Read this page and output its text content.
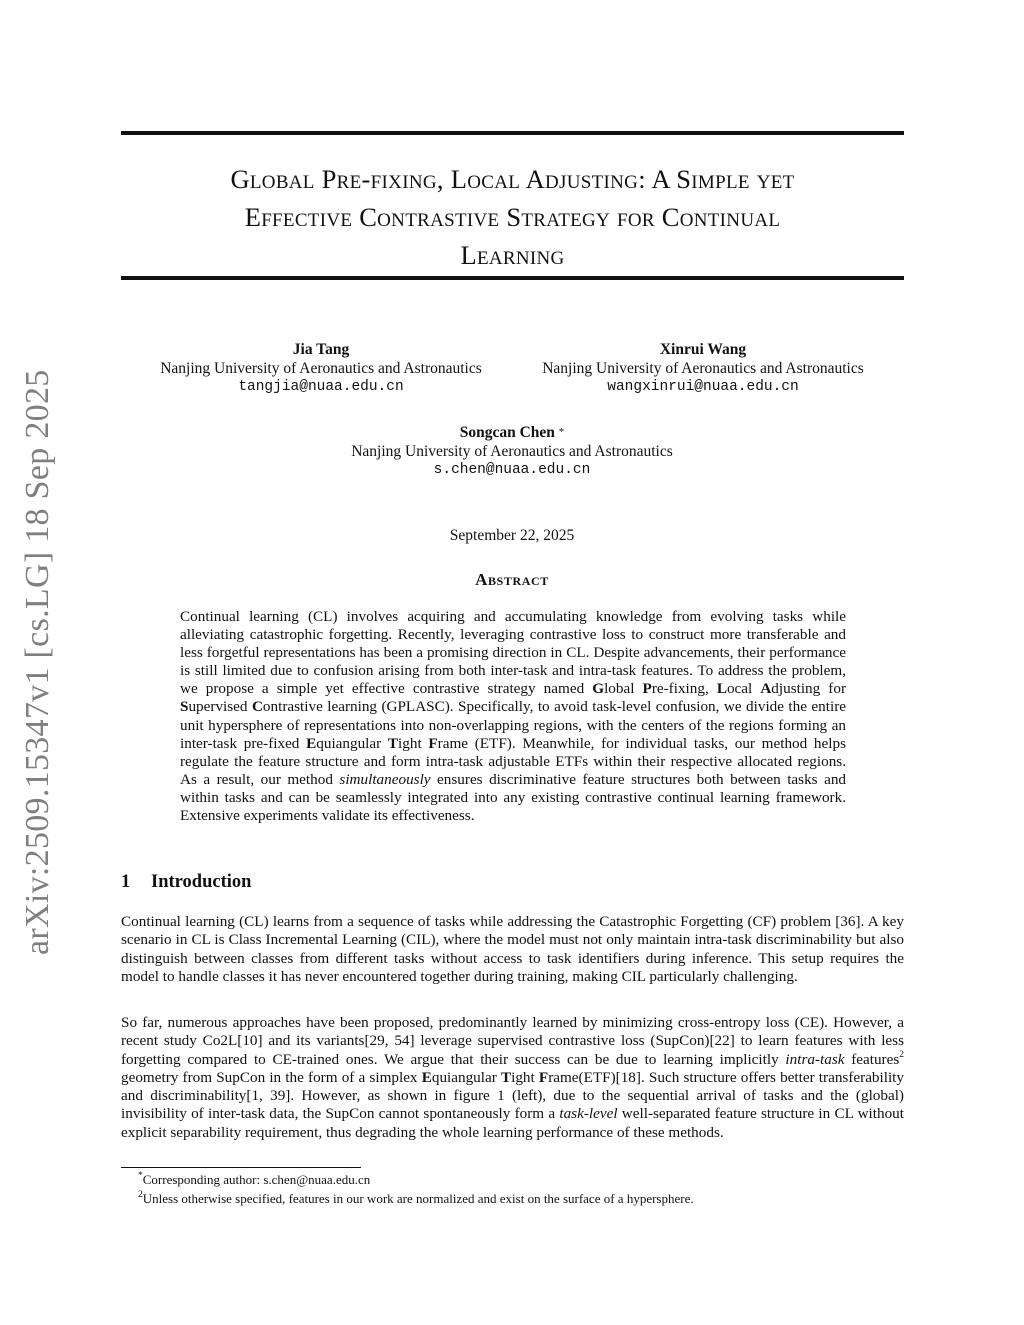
arXiv:2509.15347v1 [cs.LG] 18 Sep 2025
Global Pre-fixing, Local Adjusting: A Simple yet
Effective Contrastive Strategy for Continual
Learning
Jia Tang
Nanjing University of Aeronautics and Astronautics
tangjia@nuaa.edu.cn
Xinrui Wang
Nanjing University of Aeronautics and Astronautics
wangxinrui@nuaa.edu.cn
Songcan Chen *
Nanjing University of Aeronautics and Astronautics
s.chen@nuaa.edu.cn
September 22, 2025
Abstract

Continual learning (CL) involves acquiring and accumulating knowledge from evolving tasks while alleviating catastrophic forgetting. Recently, leveraging contrastive loss to construct more transferable and less forgetful representations has been a promising direction in CL. Despite advancements, their performance is still limited due to confusion arising from both inter-task and intra-task features. To address the problem, we propose a simple yet effective contrastive strategy named Global Pre-fixing, Local Adjusting for Supervised Contrastive learning (GPLASC). Specifically, to avoid task-level confusion, we divide the entire unit hypersphere of representations into non-overlapping regions, with the centers of the regions forming an inter-task pre-fixed Equiangular Tight Frame (ETF). Meanwhile, for individual tasks, our method helps regulate the feature structure and form intra-task adjustable ETFs within their respective allocated regions. As a result, our method simultaneously ensures discriminative feature structures both between tasks and within tasks and can be seamlessly integrated into any existing contrastive continual learning framework. Extensive experiments validate its effectiveness.

1 Introduction

Continual learning (CL) learns from a sequence of tasks while addressing the Catastrophic Forgetting (CF) problem [36]. A key scenario in CL is Class Incremental Learning (CIL), where the model must not only maintain intra-task discriminability but also distinguish between classes from different tasks without access to task identifiers during inference. This setup requires the model to handle classes it has never encountered together during training, making CIL particularly challenging.

So far, numerous approaches have been proposed, predominantly learned by minimizing cross-entropy loss (CE). However, a recent study Co2L[10] and its variants[29, 54] leverage supervised contrastive loss (SupCon)[22] to learn features with less forgetting compared to CE-trained ones. We argue that their success can be due to learning implicitly intra-task features$^2$ geometry from SupCon in the form of a simplex Equiangular Tight Frame(ETF)[18]. Such structure offers better transferability and discriminability[1, 39]. However, as shown in figure 1 (left), due to the sequential arrival of tasks and the (global) invisibility of inter-task data, the SupCon cannot spontaneously form a task-level well-separated feature structure in CL without explicit separability requirement, thus degrading the whole learning performance of these methods.

*Corresponding author: s.chen@nuaa.edu.cn
$^2$Unless otherwise specified, features in our work are normalized and exist on the surface of a hypersphere.
